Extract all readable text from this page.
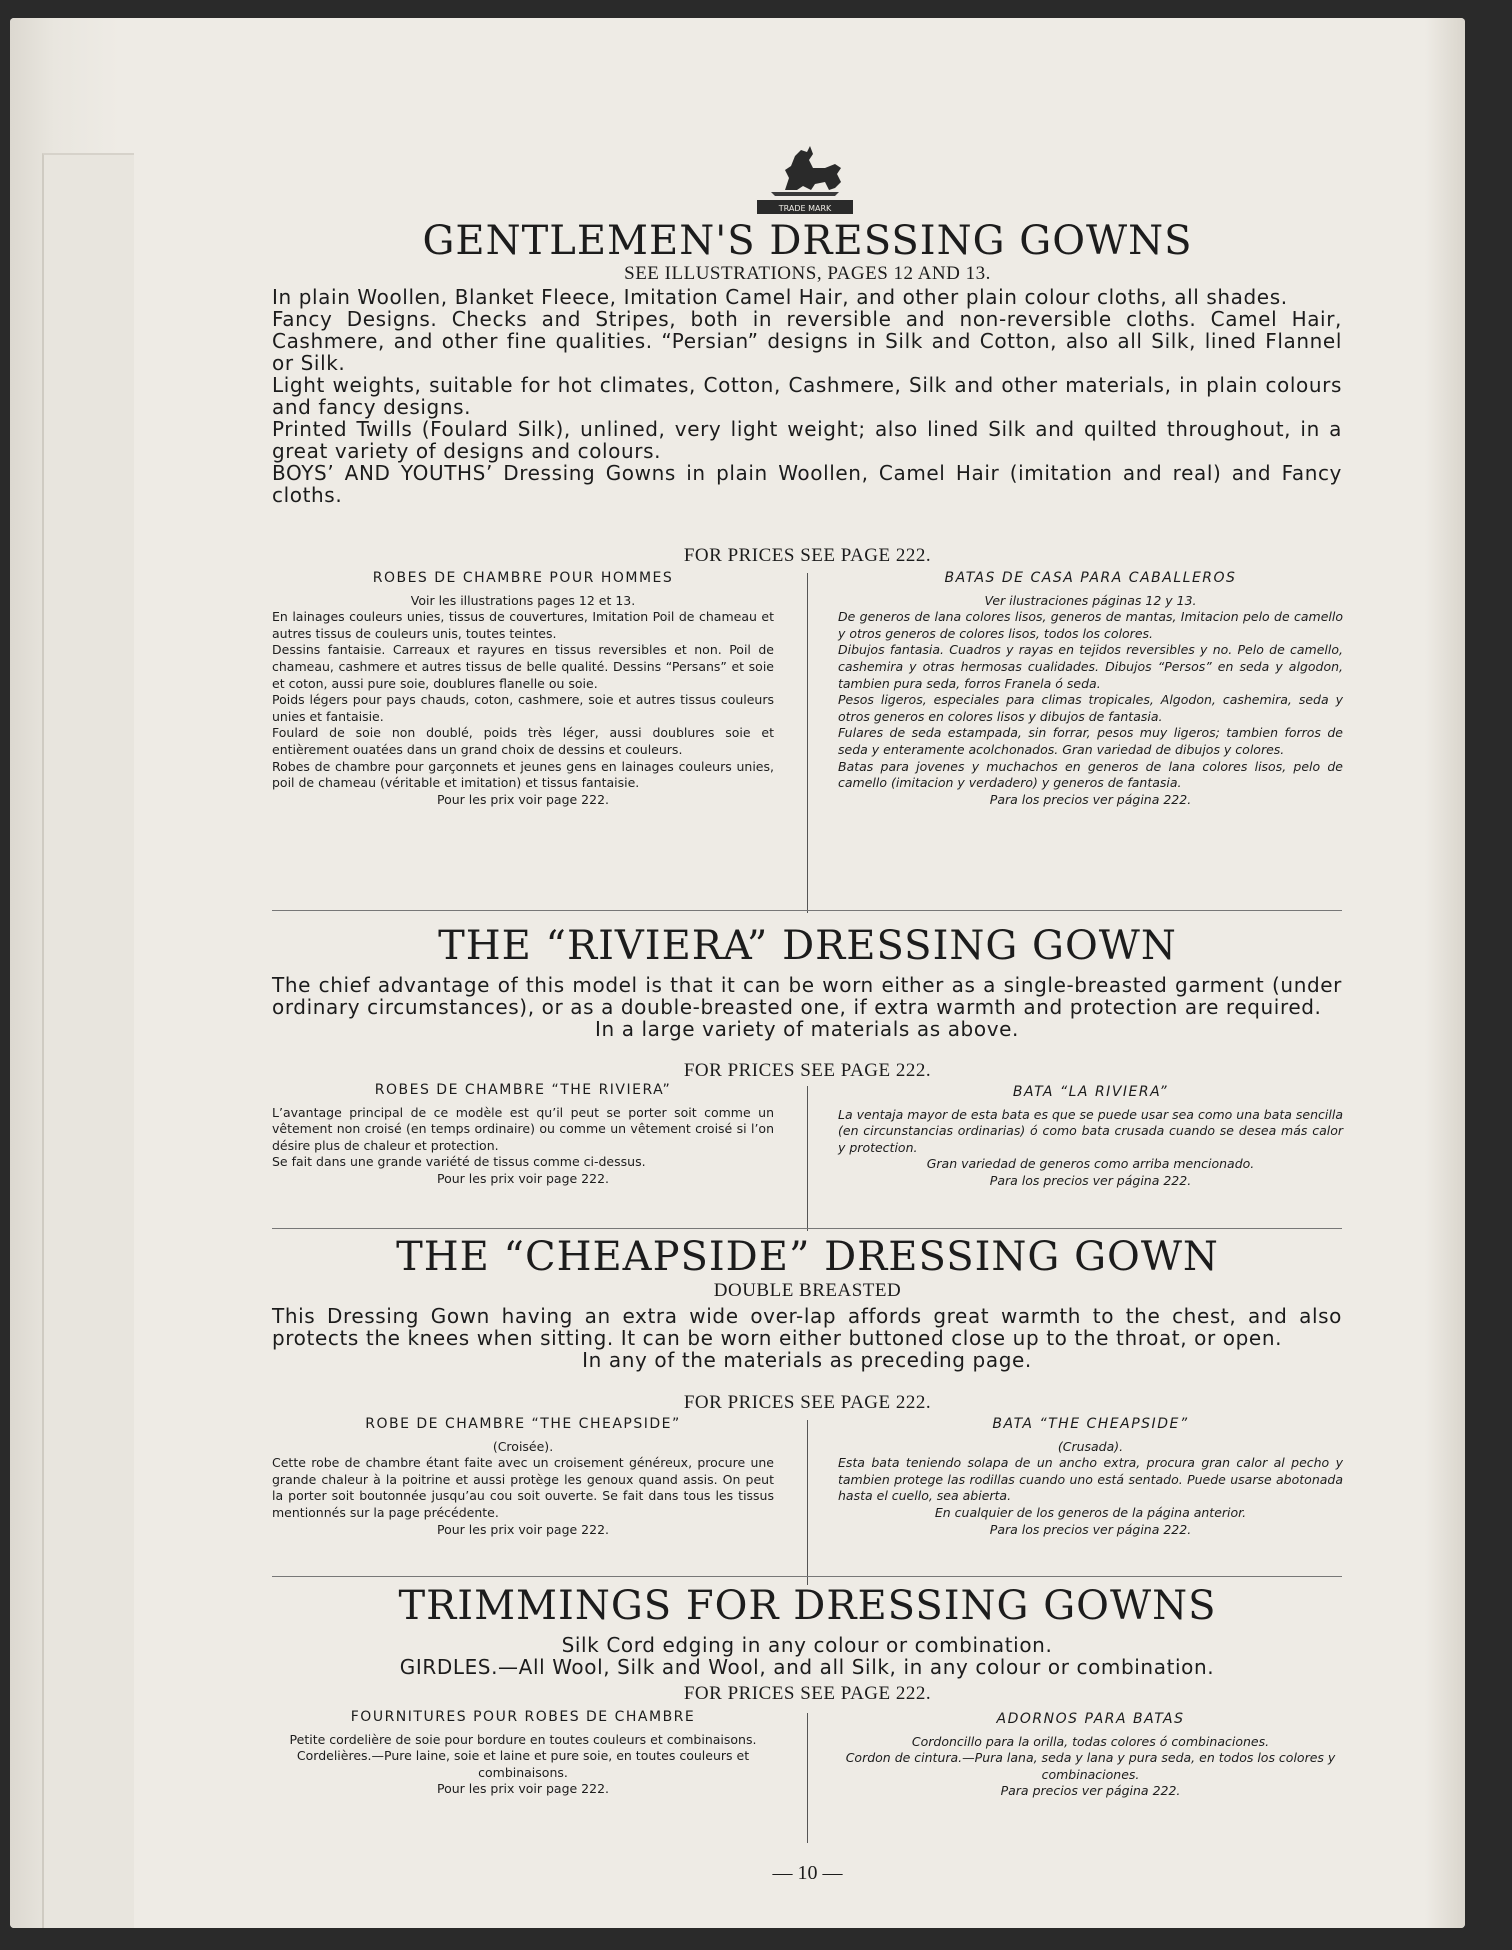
TRADE MARK
GENTLEMEN'S DRESSING GOWNS
SEE ILLUSTRATIONS, PAGES 12 AND 13.

In plain Woollen, Blanket Fleece, Imitation Camel Hair, and other plain colour cloths, all shades.

Fancy Designs. Checks and Stripes, both in reversible and non-reversible cloths. Camel Hair, Cashmere, and other fine qualities. “Persian” designs in Silk and Cotton, also all Silk, lined Flannel or Silk.

Light weights, suitable for hot climates, Cotton, Cashmere, Silk and other materials, in plain colours and fancy designs.

Printed Twills (Foulard Silk), unlined, very light weight; also lined Silk and quilted throughout, in a great variety of designs and colours.

BOYS’ AND YOUTHS’ Dressing Gowns in plain Woollen, Camel Hair (imitation and real) and Fancy cloths.

FOR PRICES SEE PAGE 222.
ROBES DE CHAMBRE POUR HOMMES

Voir les illustrations pages 12 et 13.

En lainages couleurs unies, tissus de couvertures, Imitation Poil de chameau et autres tissus de couleurs unis, toutes teintes.

Dessins fantaisie. Carreaux et rayures en tissus reversibles et non. Poil de chameau, cashmere et autres tissus de belle qualité. Dessins “Persans” et soie et coton, aussi pure soie, doublures flanelle ou soie.

Poids légers pour pays chauds, coton, cashmere, soie et autres tissus couleurs unies et fantaisie.

Foulard de soie non doublé, poids très léger, aussi doublures soie et entièrement ouatées dans un grand choix de dessins et couleurs.

Robes de chambre pour garçonnets et jeunes gens en lainages couleurs unies, poil de chameau (véritable et imitation) et tissus fantaisie.

Pour les prix voir page 222.

BATAS DE CASA PARA CABALLEROS

Ver ilustraciones páginas 12 y 13.

De generos de lana colores lisos, generos de mantas, Imitacion pelo de camello y otros generos de colores lisos, todos los colores.

Dibujos fantasia. Cuadros y rayas en tejidos reversibles y no. Pelo de camello, cashemira y otras hermosas cualidades. Dibujos “Persos” en seda y algodon, tambien pura seda, forros Franela ó seda.

Pesos ligeros, especiales para climas tropicales, Algodon, cashemira, seda y otros generos en colores lisos y dibujos de fantasia.

Fulares de seda estampada, sin forrar, pesos muy ligeros; tambien forros de seda y enteramente acolchonados. Gran variedad de dibujos y colores.

Batas para jovenes y muchachos en generos de lana colores lisos, pelo de camello (imitacion y verdadero) y generos de fantasia.

Para los precios ver página 222.

THE “RIVIERA” DRESSING GOWN

The chief advantage of this model is that it can be worn either as a single-breasted garment (under ordinary circumstances), or as a double-breasted one, if extra warmth and protection are required.

In a large variety of materials as above.

FOR PRICES SEE PAGE 222.
ROBES DE CHAMBRE “THE RIVIERA”

L’avantage principal de ce modèle est qu’il peut se porter soit comme un vêtement non croisé (en temps ordinaire) ou comme un vêtement croisé si l’on désire plus de chaleur et protection.

Se fait dans une grande variété de tissus comme ci-dessus.

Pour les prix voir page 222.

BATA “LA RIVIERA”

La ventaja mayor de esta bata es que se puede usar sea como una bata sencilla (en circunstancias ordinarias) ó como bata crusada cuando se desea más calor y protection.

Gran variedad de generos como arriba mencionado.

Para los precios ver página 222.

THE “CHEAPSIDE” DRESSING GOWN
DOUBLE BREASTED

This Dressing Gown having an extra wide over-lap affords great warmth to the chest, and also protects the knees when sitting. It can be worn either buttoned close up to the throat, or open.

In any of the materials as preceding page.

FOR PRICES SEE PAGE 222.
ROBE DE CHAMBRE “THE CHEAPSIDE”

(Croisée).

Cette robe de chambre étant faite avec un croisement généreux, procure une grande chaleur à la poitrine et aussi protège les genoux quand assis. On peut la porter soit boutonnée jusqu’au cou soit ouverte. Se fait dans tous les tissus mentionnés sur la page précédente.

Pour les prix voir page 222.

BATA “THE CHEAPSIDE”

(Crusada).

Esta bata teniendo solapa de un ancho extra, procura gran calor al pecho y tambien protege las rodillas cuando uno está sentado. Puede usarse abotonada hasta el cuello, sea abierta.

En cualquier de los generos de la página anterior.

Para los precios ver página 222.

TRIMMINGS FOR DRESSING GOWNS

Silk Cord edging in any colour or combination.

GIRDLES.—All Wool, Silk and Wool, and all Silk, in any colour or combination.

FOR PRICES SEE PAGE 222.
FOURNITURES POUR ROBES DE CHAMBRE

Petite cordelière de soie pour bordure en toutes couleurs et combinaisons.

Cordelières.—Pure laine, soie et laine et pure soie, en toutes couleurs et combinaisons.

Pour les prix voir page 222.

ADORNOS PARA BATAS

Cordoncillo para la orilla, todas colores ó combinaciones.

Cordon de cintura.—Pura lana, seda y lana y pura seda, en todos los colores y combinaciones.

Para precios ver página 222.

— 10 —
